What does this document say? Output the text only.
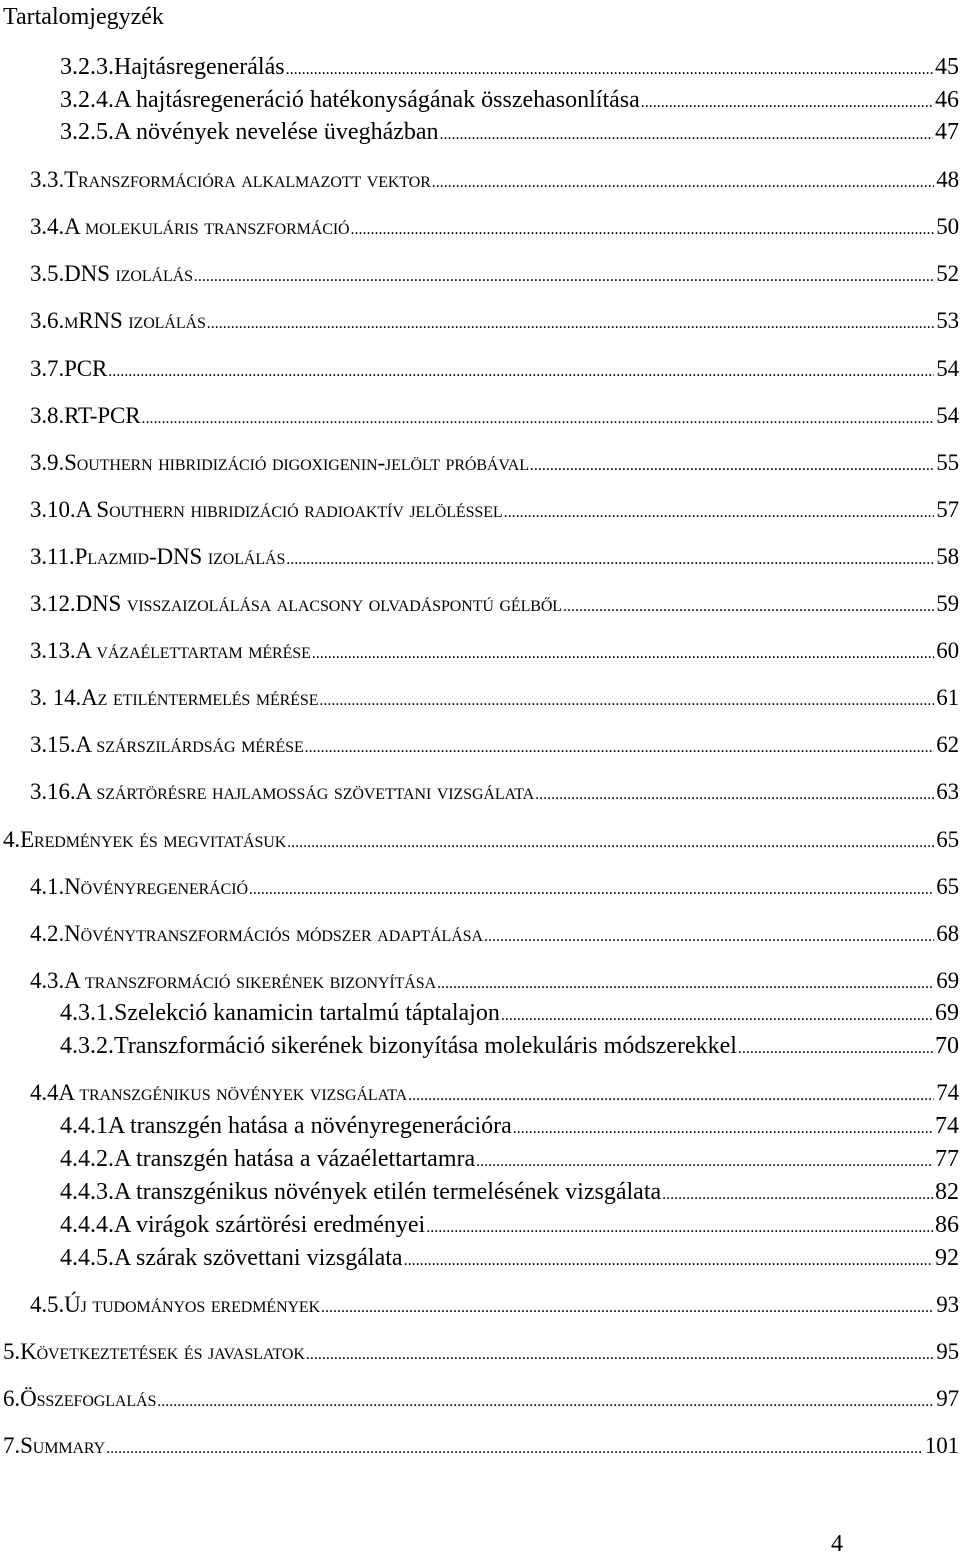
Tartalomjegyzék
3.2.3. Hajtásregenerálás .....	45
3.2.4. A hajtásregeneráció hatékonyságának összehasonlítása .....	46
3.2.5. A növények nevelése üvegházban .....	47
3.3. Transzformációra alkalmazott vektor .....	48
3.4. A molekuláris transzformáció .....	50
3.5. DNS izolálás .....	52
3.6. mRNS izolálás .....	53
3.7. PCR .....	54
3.8. RT-PCR .....	54
3.9. Southern hibridizáció digoxigenin-jelölt próbával .....	55
3.10. A Southern hibridizáció radioaktív jelöléssel .....	57
3.11. Plazmid-DNS izolálás .....	58
3.12. DNS visszaizolálása alacsony olvadáspontú gélből .....	59
3.13. A vázaélettartam mérése .....	60
3. 14. Az etiléntermelés mérése .....	61
3.15. A szárszilárdság mérése .....	62
3.16. A szártörésre hajlamosság szövettani vizsgálata .....	63
4. Eredmények és megvitatásuk .....	65
4.1. Növényregeneráció .....	65
4.2. Növénytranszformációs módszer adaptálása .....	68
4.3. A transzformáció sikerének bizonyítása .....	69
4.3.1. Szelekció kanamicin tartalmú táptalajon .....	69
4.3.2. Transzformáció sikerének bizonyítása molekuláris módszerekkel .....	70
4.4 A transzgénikus növények vizsgálata .....	74
4.4.1 A transzgén hatása a növényregenerációra .....	74
4.4.2. A transzgén hatása a vázaélettartamra .....	77
4.4.3. A transzgénikus növények etilén termelésének vizsgálata .....	82
4.4.4. A virágok szártörési eredményei .....	86
4.4.5. A szárak szövettani vizsgálata .....	92
4.5. Új tudományos eredmények .....	93
5. Következtetések és javaslatok .....	95
6. Összefoglalás .....	97
7. Summary .....	101
4
